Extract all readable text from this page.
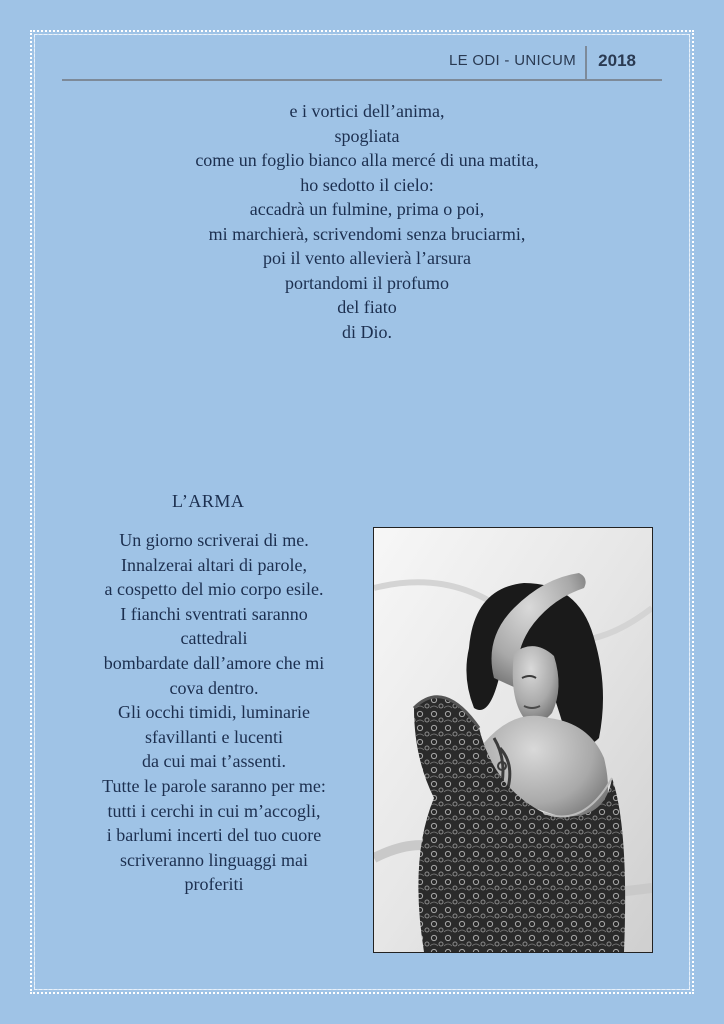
LE ODI - UNICUM 2018
e i vortici dell’anima,
spogliata
come un foglio bianco alla mercé di una matita,
ho sedotto il cielo:
accadrà un fulmine, prima o poi,
mi marchierà, scrivendomi senza bruciarmi,
poi il vento allevierà l’arsura
portandomi il profumo
del fiato
di Dio.
L’ARMA
Un giorno scriverai di me.
Innalzerai altari di parole,
a cospetto del mio corpo esile.
I fianchi sventrati saranno
cattedrali
bombardate dall’amore che mi
cova dentro.
Gli occhi timidi, luminarie
sfavillanti e lucenti
da cui mai t’assenti.
Tutte le parole saranno per me:
tutti i cerchi in cui m’accogli,
i barlumi incerti del tuo cuore
scriveranno linguaggi mai
proferiti
